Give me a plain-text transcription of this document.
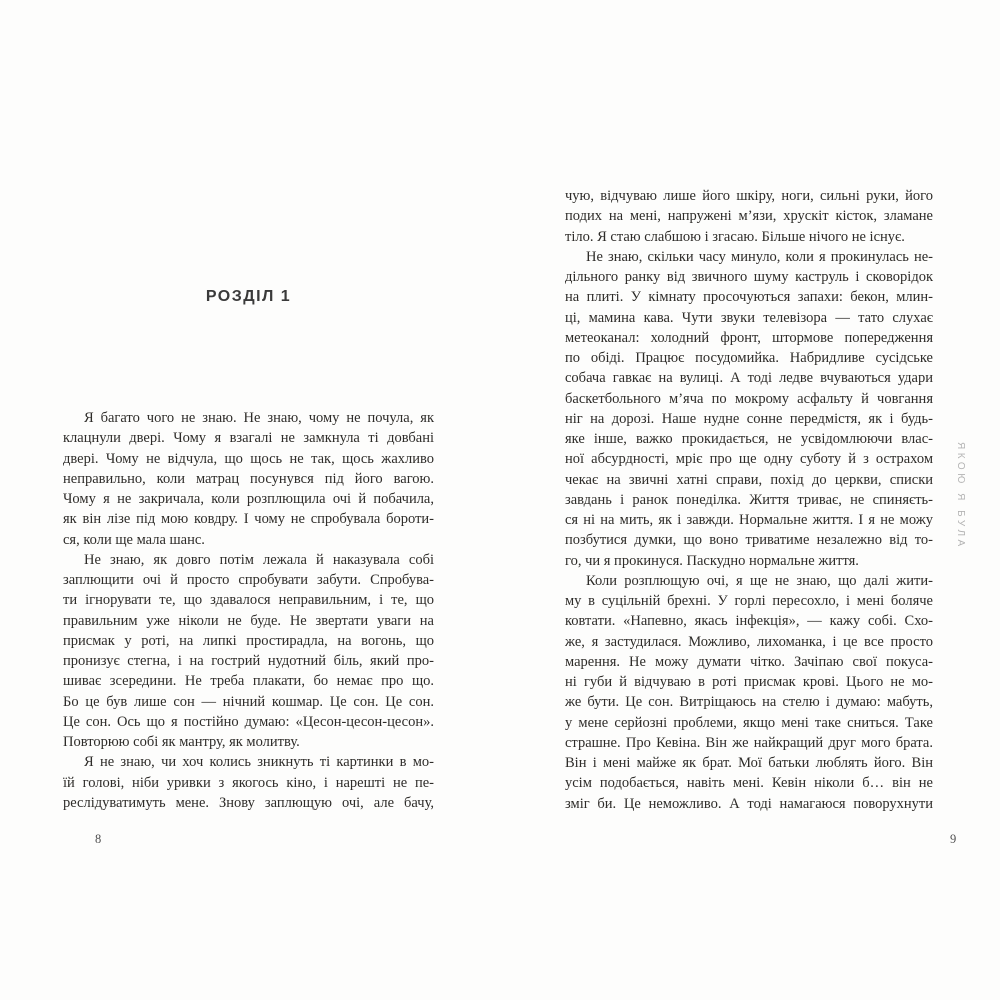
РОЗДІЛ 1
Я багато чого не знаю. Не знаю, чому не почула, як
клацнули двері. Чому я взагалі не замкнула ті довбані
двері. Чому не відчула, що щось не так, щось жахливо
неправильно, коли матрац посунувся під його вагою.
Чому я не закричала, коли розплющила очі й побачила,
як він лізе під мою ковдру. І чому не спробувала бороти-
ся, коли ще мала шанс.
Не знаю, як довго потім лежала й наказувала собі
заплющити очі й просто спробувати забути. Спробува-
ти ігнорувати те, що здавалося неправильним, і те, що
правильним уже ніколи не буде. Не звертати уваги на
присмак у роті, на липкі простирадла, на вогонь, що
пронизує стегна, і на гострий нудотний біль, який про-
шиває зсередини. Не треба плакати, бо немає про що.
Бо це був лише сон — нічний кошмар. Це сон. Це сон.
Це сон. Ось що я постійно думаю: «Цесон-цесон-цесон».
Повторюю собі як мантру, як молитву.
Я не знаю, чи хоч колись зникнуть ті картинки в мо-
їй голові, ніби уривки з якогось кіно, і нарешті не пе-
реслідуватимуть мене. Знову заплющую очі, але бачу,
8
чую, відчуваю лише його шкіру, ноги, сильні руки, його
подих на мені, напружені м’язи, хрускіт кісток, зламане
тіло. Я стаю слабшою і згасаю. Більше нічого не існує.
Не знаю, скільки часу минуло, коли я прокинулась не-
дільного ранку від звичного шуму каструль і сковорідок
на плиті. У кімнату просочуються запахи: бекон, млин-
ці, мамина кава. Чути звуки телевізора — тато слухає
метеоканал: холодний фронт, штормове попередження
по обіді. Працює посудомийка. Набридливе сусідське
собача гавкає на вулиці. А тоді ледве вчуваються удари
баскетбольного м’яча по мокрому асфальту й човгання
ніг на дорозі. Наше нудне сонне передмістя, як і будь-
яке інше, важко прокидається, не усвідомлюючи влас-
ної абсурдності, мріє про ще одну суботу й з острахом
чекає на звичні хатні справи, похід до церкви, списки
завдань і ранок понеділка. Життя триває, не спиняєть-
ся ні на мить, як і завжди. Нормальне життя. І я не можу
позбутися думки, що воно триватиме незалежно від то-
го, чи я прокинуся. Паскудно нормальне життя.
Коли розплющую очі, я ще не знаю, що далі жити-
му в суцільній брехні. У горлі пересохло, і мені боляче
ковтати. «Напевно, якась інфекція», — кажу собі. Схо-
же, я застудилася. Можливо, лихоманка, і це все просто
марення. Не можу думати чітко. Зачіпаю свої покуса-
ні губи й відчуваю в роті присмак крові. Цього не мо-
же бути. Це сон. Витріщаюсь на стелю і думаю: мабуть,
у мене серйозні проблеми, якщо мені таке сниться. Таке
страшне. Про Кевіна. Він же найкращий друг мого брата.
Він і мені майже як брат. Мої батьки люблять його. Він
усім подобається, навіть мені. Кевін ніколи б… він не
зміг би. Це неможливо. А тоді намагаюся поворухнути
9
ЯКОЮ Я БУЛА
